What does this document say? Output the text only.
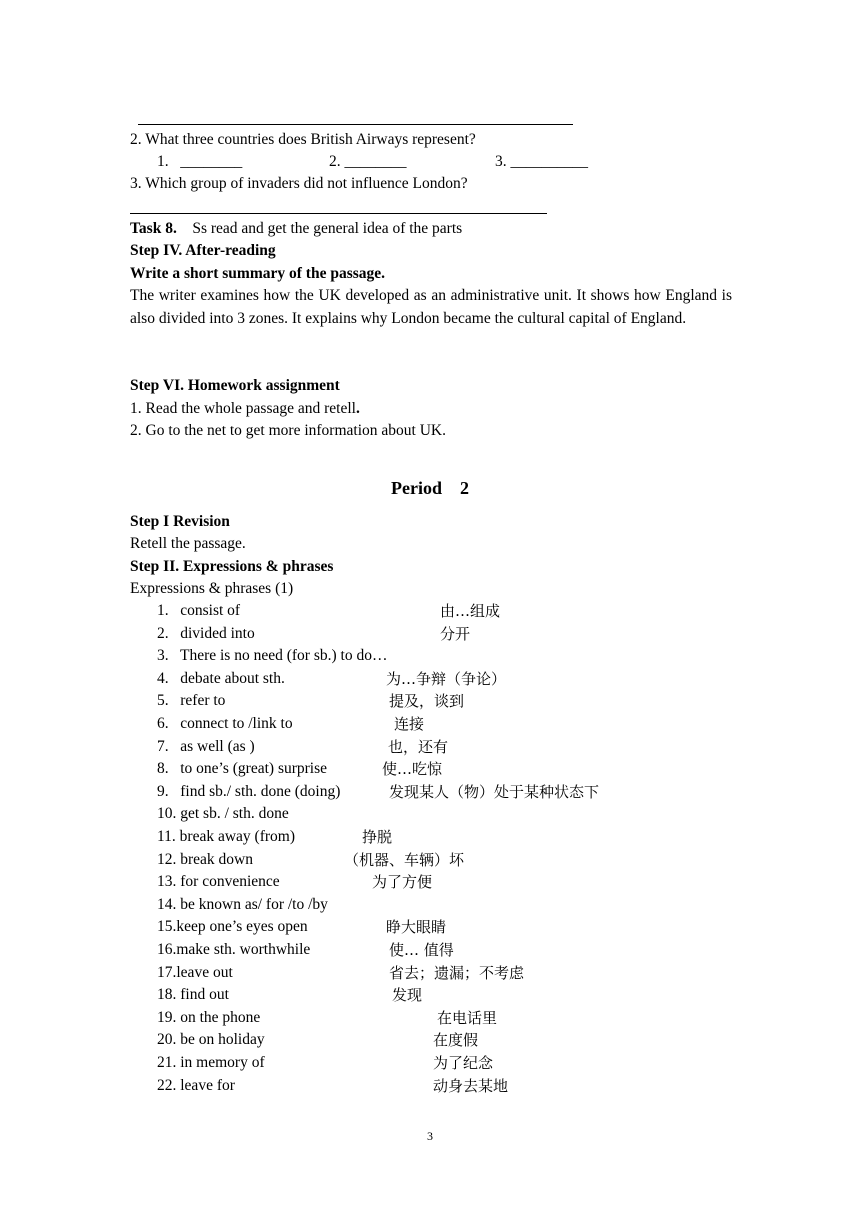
2. What three countries does British Airways represent?
1.   ________	2. ________	3. __________
3. Which group of invaders did not influence London?
Task 8.    Ss read and get the general idea of the parts
Step IV. After-reading
Write a short summary of the passage.
The writer examines how the UK developed as an administrative unit. It shows how England is also divided into 3 zones. It explains why London became the cultural capital of England.
Step VI. Homework assignment
1. Read the whole passage and retell.
2. Go to the net to get more information about UK.
Period    2
Step I Revision
Retell the passage.
Step II. Expressions & phrases
Expressions & phrases (1)
1.   consist of	由…组成
2.   divided into	分开
3.   There is no need (for sb.) to do…
4.   debate about sth.	为…争辩（争论）
5.   refer to	提及，谈到
6.   connect to /link to	连接
7.   as well (as )	也，还有
8.   to one’s (great) surprise	使…吃惊
9.   find sb./ sth. done (doing)	发现某人（物）处于某种状态下
10. get sb. / sth. done
11. break away (from)	挣脱
12. break down	（机器、车辆）坏
13. for convenience	为了方便
14. be known as/ for /to /by
15.keep one’s eyes open	睁大眼睛
16.make sth. worthwhile	使… 值得
17.leave out	省去；遗漏；不考虑
18. find out	发现
19. on the phone	在电话里
20. be on holiday	在度假
21. in memory of	为了纪念
22. leave for	动身去某地
3
